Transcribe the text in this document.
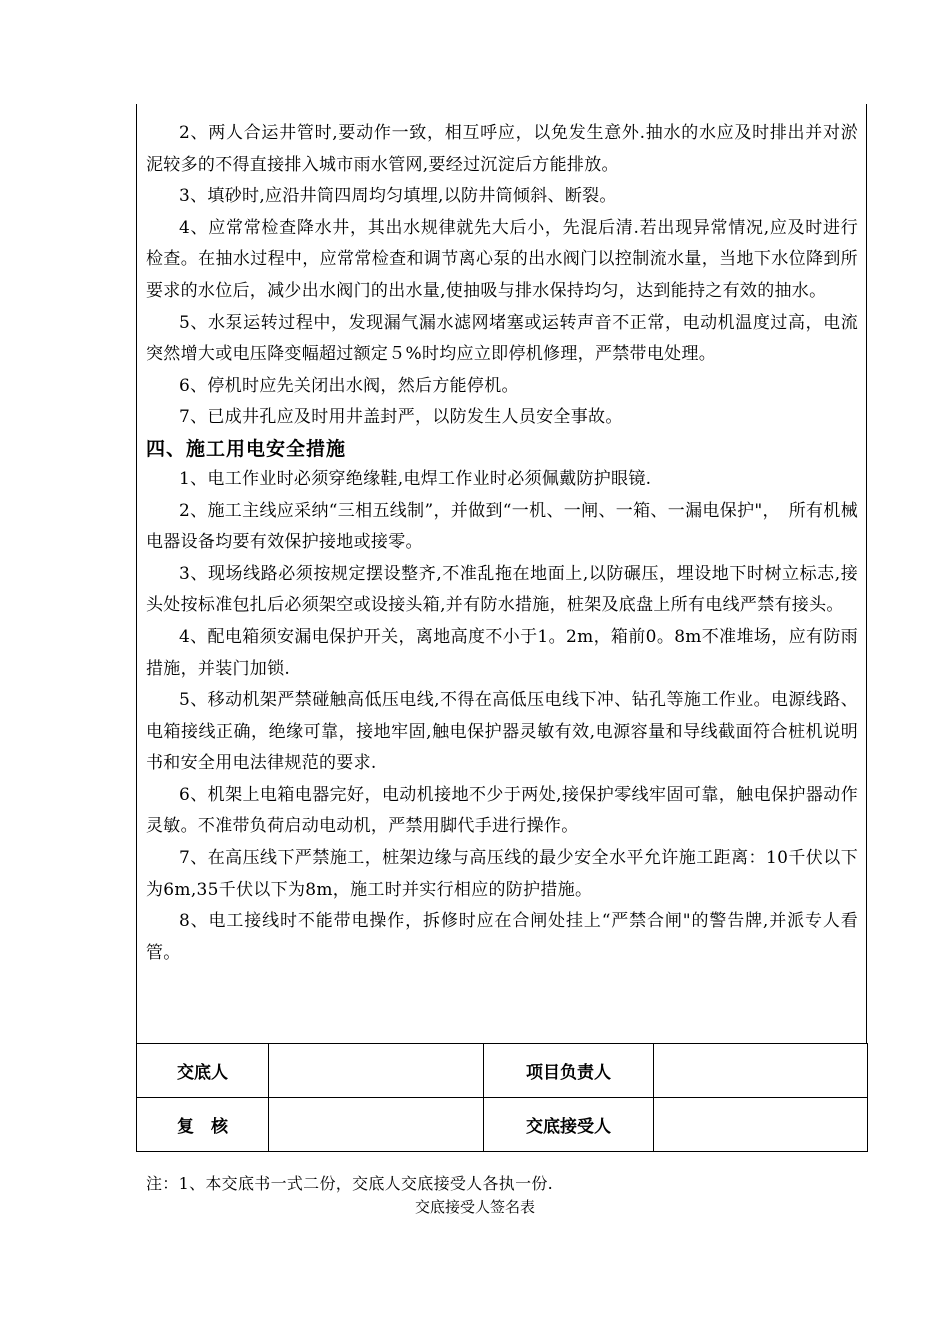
2、两人合运井管时,要动作一致，相互呼应，以免发生意外.抽水的水应及时排出并对淤泥较多的不得直接排入城市雨水管网,要经过沉淀后方能排放。

3、填砂时,应沿井筒四周均匀填埋,以防井筒倾斜、断裂。

4、应常常检查降水井，其出水规律就先大后小，先混后清.若出现异常情况,应及时进行检查。在抽水过程中，应常常检查和调节离心泵的出水阀门以控制流水量，当地下水位降到所要求的水位后，减少出水阀门的出水量,使抽吸与排水保持均匀，达到能持之有效的抽水。

5、水泵运转过程中，发现漏气漏水滤网堵塞或运转声音不正常，电动机温度过高，电流突然增大或电压降变幅超过额定５%时均应立即停机修理，严禁带电处理。

6、停机时应先关闭出水阀，然后方能停机。

7、已成井孔应及时用井盖封严，以防发生人员安全事故。

四、施工用电安全措施

1、电工作业时必须穿绝缘鞋,电焊工作业时必须佩戴防护眼镜.

2、施工主线应采纳“三相五线制”，并做到“一机、一闸、一箱、一漏电保护"，　所有机械电器设备均要有效保护接地或接零。

3、现场线路必须按规定摆设整齐,不准乱拖在地面上,以防碾压，埋设地下时树立标志,接头处按标准包扎后必须架空或设接头箱,并有防水措施，桩架及底盘上所有电线严禁有接头。

4、配电箱须安漏电保护开关，离地高度不小于1。2m，箱前0。8m不准堆场，应有防雨措施，并装门加锁.

5、移动机架严禁碰触高低压电线,不得在高低压电线下冲、钻孔等施工作业。电源线路、电箱接线正确，绝缘可靠，接地牢固,触电保护器灵敏有效,电源容量和导线截面符合桩机说明书和安全用电法律规范的要求.

6、机架上电箱电器完好，电动机接地不少于两处,接保护零线牢固可靠，触电保护器动作灵敏。不准带负荷启动电动机，严禁用脚代手进行操作。

7、在高压线下严禁施工，桩架边缘与高压线的最少安全水平允许施工距离：10千伏以下为6m,35千伏以下为8m，施工时并实行相应的防护措施。

8、电工接线时不能带电操作，拆修时应在合闸处挂上“严禁合闸"的警告牌,并派专人看管。

交底人		项目负责人	
复　核		交底接受人	

注：1、本交底书一式二份，交底人交底接受人各执一份.

交底接受人签名表
